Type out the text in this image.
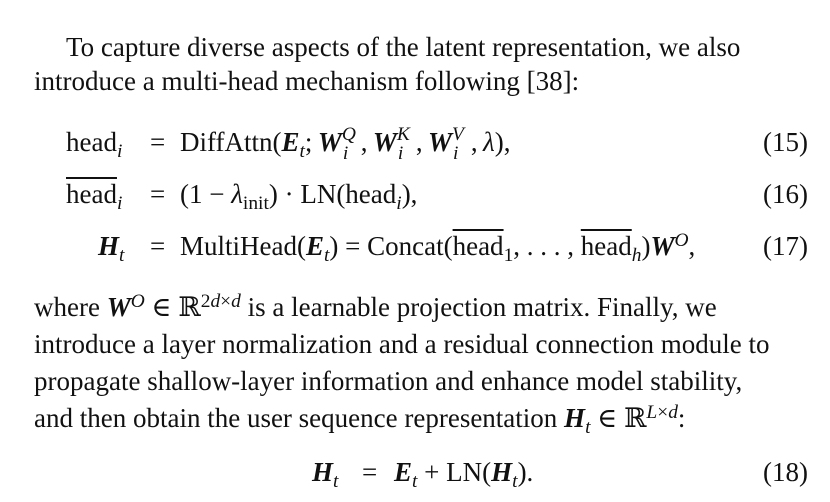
To capture diverse aspects of the latent representation, we also
introduce a multi-head mechanism following [38]:
head$_i$ = $DiffAttn(E_t$; W Q
i , W K
i , W V
i , λ),	(15)
head$_i$ = $(1 - \lambda_{init})$ · LN(head$_i$),	(16)
$H_t$ = $MultiHead(E_t)$ = Concat(head$_1$, . . . , $head_h)W^O$,	(17)
where $W^O$ ∈ ℝ$^{2d\times d}$ is a learnable projection matrix. Finally, we
introduce a layer normalization and a residual connection module to
propagate shallow-layer information and enhance model stability,
and then obtain the user sequence representation $H_t$ ∈ ℝ$^{L\times d}$:
$H_t = E_t + LN(H_t)$.	(18)
